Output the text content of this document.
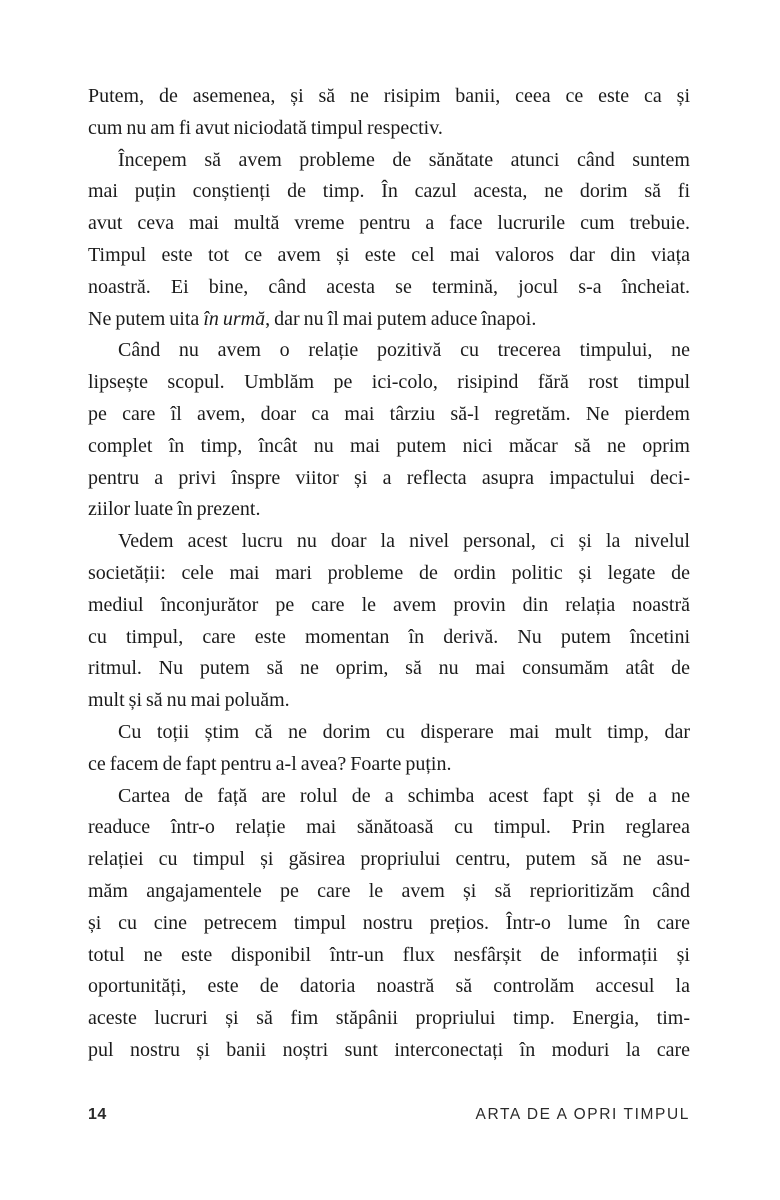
Putem, de asemenea, și să ne risipim banii, ceea ce este ca și
cum nu am fi avut niciodată timpul respectiv.
Începem să avem probleme de sănătate atunci când suntem
mai puțin conștienți de timp. În cazul acesta, ne dorim să fi
avut ceva mai multă vreme pentru a face lucrurile cum trebuie.
Timpul este tot ce avem și este cel mai valoros dar din viața
noastră. Ei bine, când acesta se termină, jocul s-a încheiat.
Ne putem uita în urmă, dar nu îl mai putem aduce înapoi.
Când nu avem o relație pozitivă cu trecerea timpului, ne
lipsește scopul. Umblăm pe ici-colo, risipind fără rost timpul
pe care îl avem, doar ca mai târziu să-l regretăm. Ne pierdem
complet în timp, încât nu mai putem nici măcar să ne oprim
pentru a privi înspre viitor și a reflecta asupra impactului deci-
ziilor luate în prezent.
Vedem acest lucru nu doar la nivel personal, ci și la nivelul
societății: cele mai mari probleme de ordin politic și legate de
mediul înconjurător pe care le avem provin din relația noastră
cu timpul, care este momentan în derivă. Nu putem încetini
ritmul. Nu putem să ne oprim, să nu mai consumăm atât de
mult și să nu mai poluăm.
Cu toții știm că ne dorim cu disperare mai mult timp, dar
ce facem de fapt pentru a-l avea? Foarte puțin.
Cartea de față are rolul de a schimba acest fapt și de a ne
readuce într-o relație mai sănătoasă cu timpul. Prin reglarea
relației cu timpul și găsirea propriului centru, putem să ne asu-
măm angajamentele pe care le avem și să reprioritizăm când
și cu cine petrecem timpul nostru prețios. Într-o lume în care
totul ne este disponibil într-un flux nesfârșit de informații și
oportunități, este de datoria noastră să controlăm accesul la
aceste lucruri și să fim stăpânii propriului timp. Energia, tim-
pul nostru și banii noștri sunt interconectați în moduri la care
14	ARTA DE A OPRI TIMPUL
